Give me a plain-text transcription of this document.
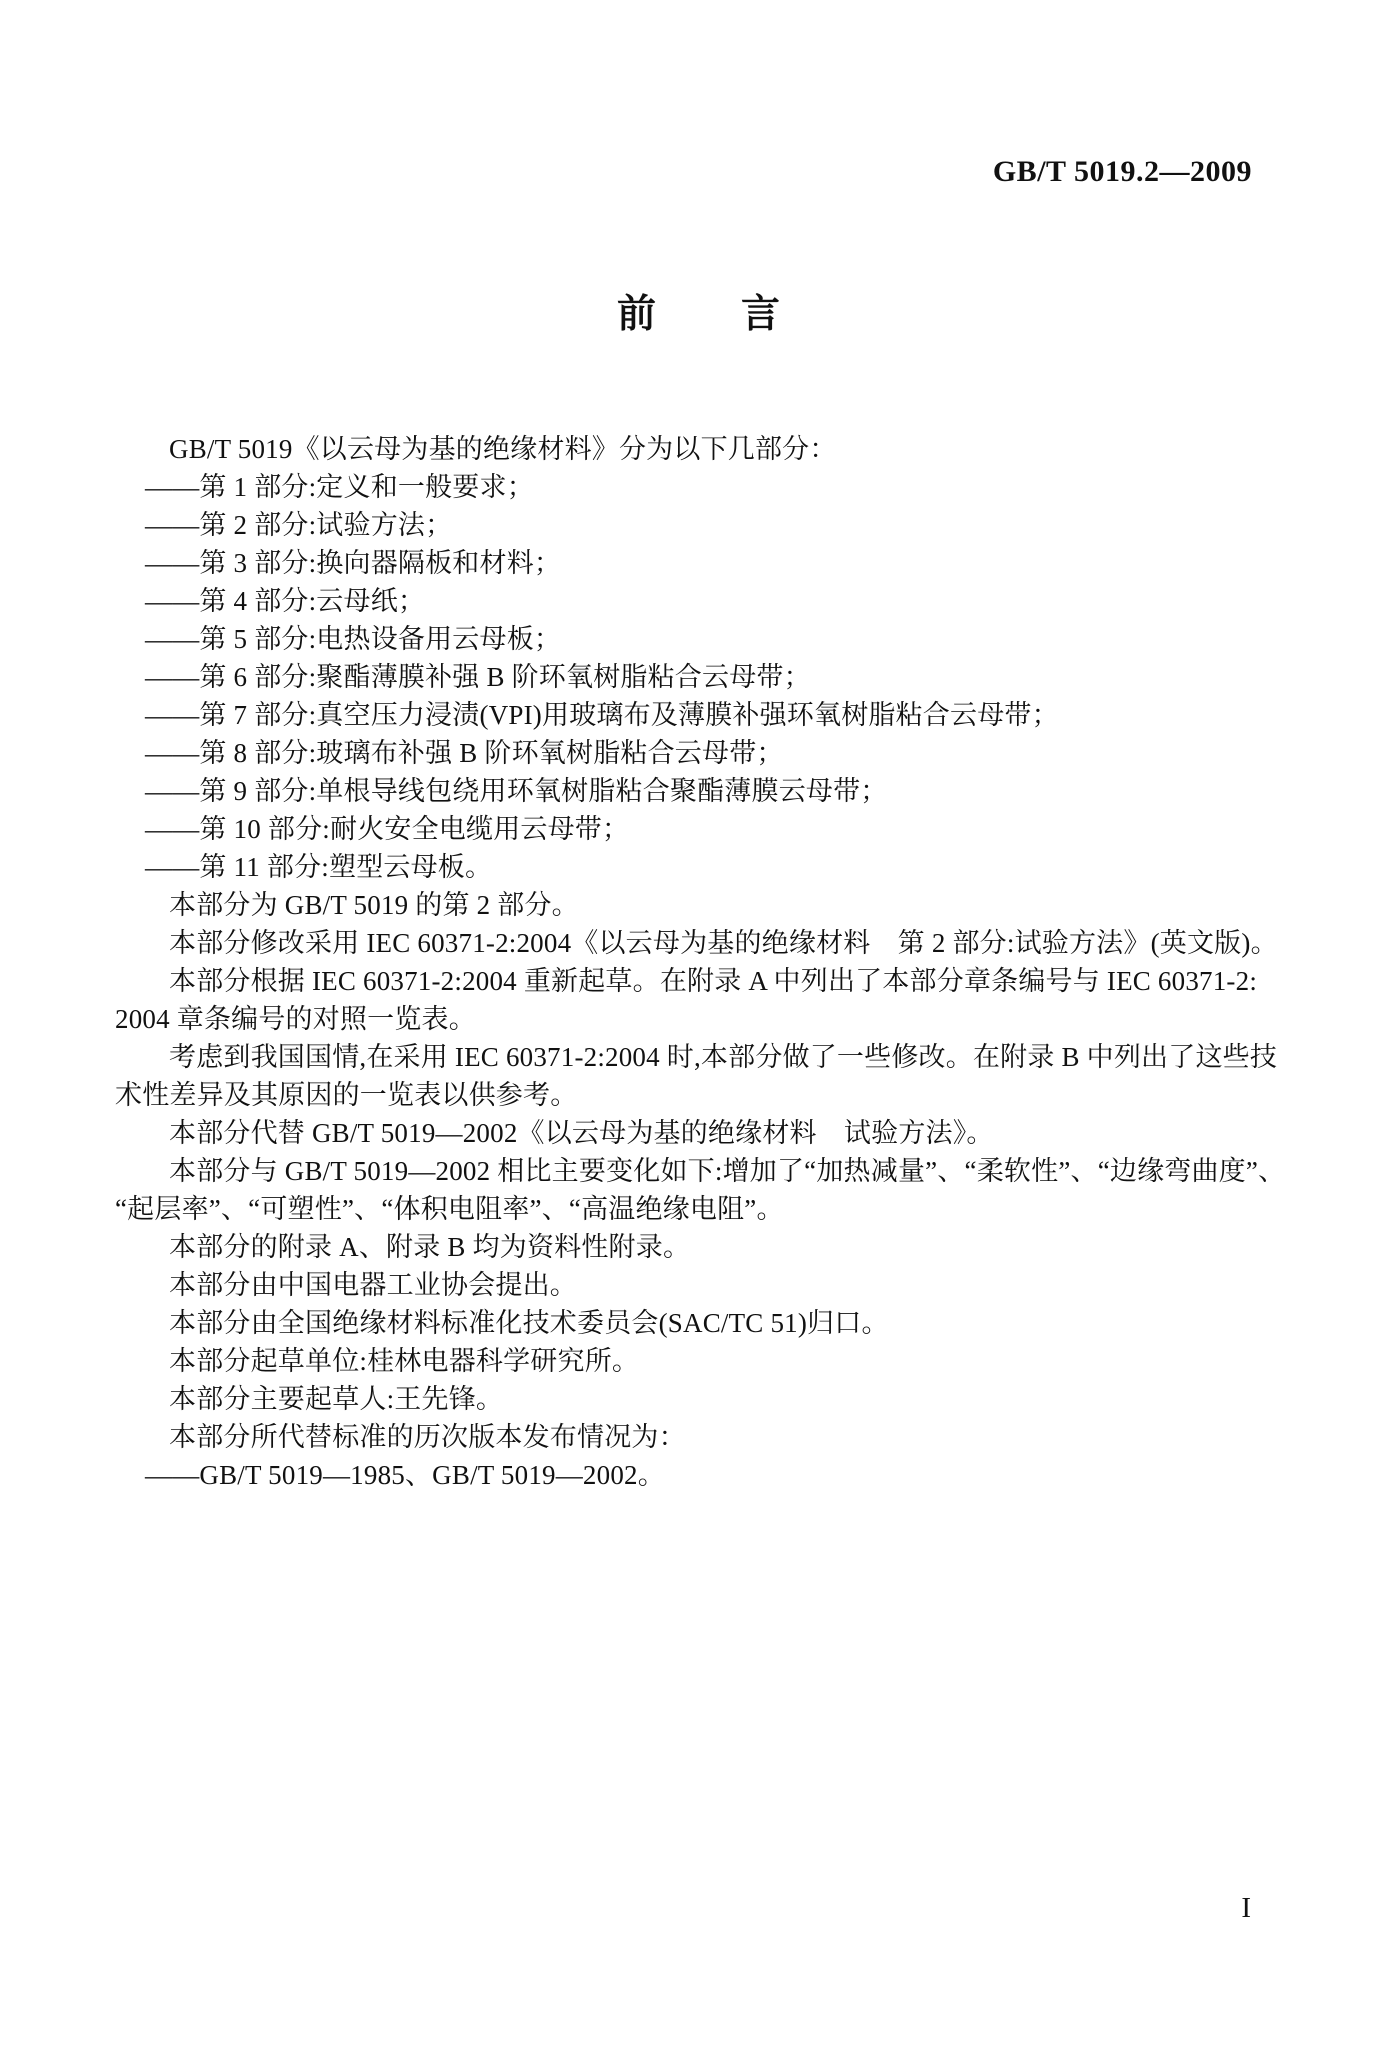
GB/T 5019.2—2009
前言
GB/T 5019《以云母为基的绝缘材料》分为以下几部分：
——第 1 部分:定义和一般要求；
——第 2 部分:试验方法；
——第 3 部分:换向器隔板和材料；
——第 4 部分:云母纸；
——第 5 部分:电热设备用云母板；
——第 6 部分:聚酯薄膜补强 B 阶环氧树脂粘合云母带；
——第 7 部分:真空压力浸渍(VPI)用玻璃布及薄膜补强环氧树脂粘合云母带；
——第 8 部分:玻璃布补强 B 阶环氧树脂粘合云母带；
——第 9 部分:单根导线包绕用环氧树脂粘合聚酯薄膜云母带；
——第 10 部分:耐火安全电缆用云母带；
——第 11 部分:塑型云母板。
本部分为 GB/T 5019 的第 2 部分。
本部分修改采用 IEC 60371-2:2004《以云母为基的绝缘材料　第 2 部分:试验方法》(英文版)。
本部分根据 IEC 60371-2:2004 重新起草。在附录 A 中列出了本部分章条编号与 IEC 60371-2:
2004 章条编号的对照一览表。
考虑到我国国情,在采用 IEC 60371-2:2004 时,本部分做了一些修改。在附录 B 中列出了这些技
术性差异及其原因的一览表以供参考。
本部分代替 GB/T 5019—2002《以云母为基的绝缘材料　试验方法》。
本部分与 GB/T 5019—2002 相比主要变化如下:增加了“加热减量”、“柔软性”、“边缘弯曲度”、
“起层率”、“可塑性”、“体积电阻率”、“高温绝缘电阻”。
本部分的附录 A、附录 B 均为资料性附录。
本部分由中国电器工业协会提出。
本部分由全国绝缘材料标准化技术委员会(SAC/TC 51)归口。
本部分起草单位:桂林电器科学研究所。
本部分主要起草人:王先锋。
本部分所代替标准的历次版本发布情况为：
——GB/T 5019—1985、GB/T 5019—2002。
I
